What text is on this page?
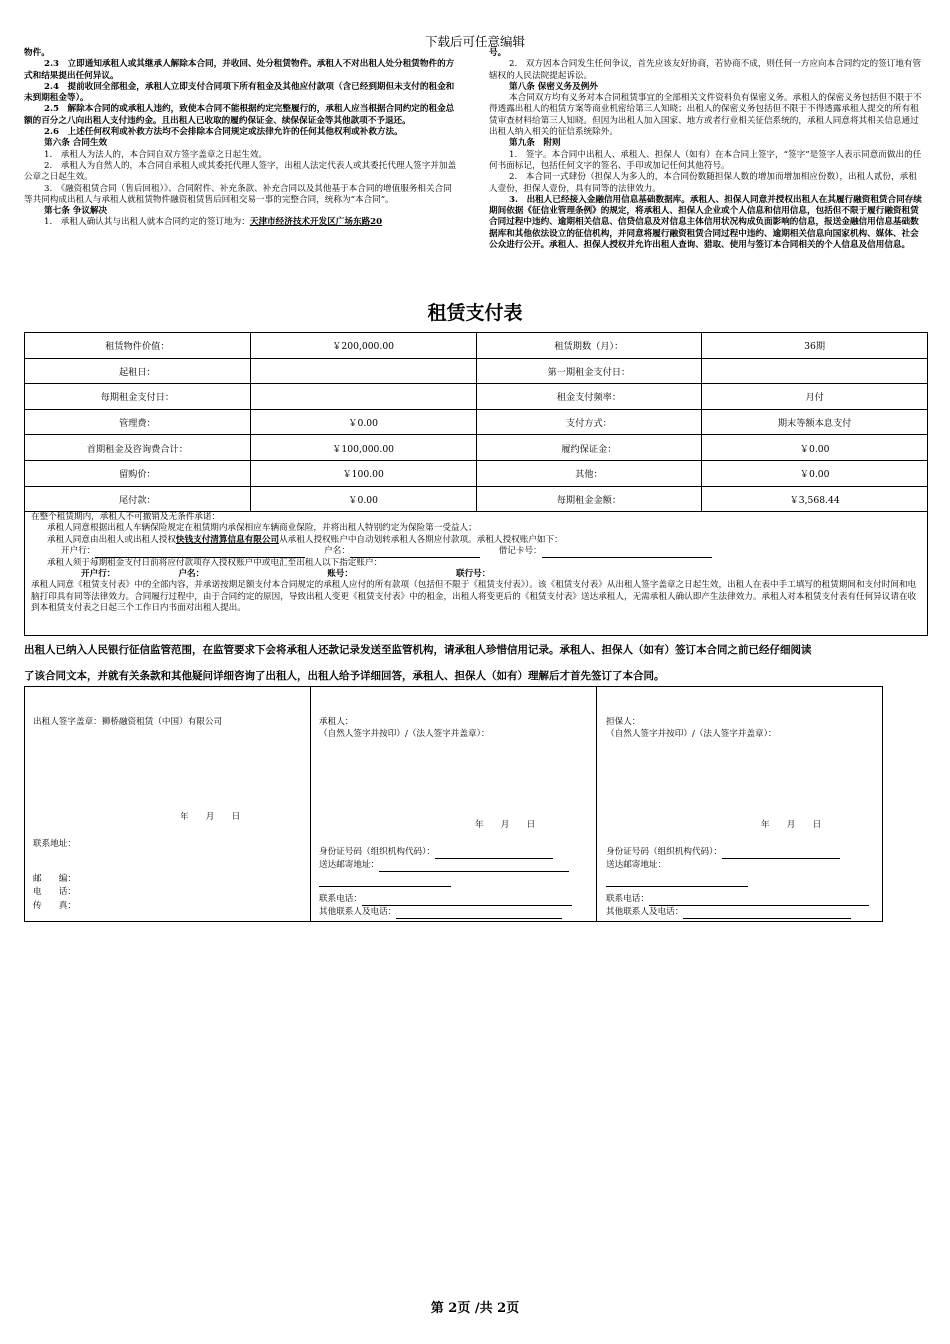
下载后可任意编辑

物件。

2.3　立即通知承租人或其继承人解除本合同，并收回、处分租赁物件。承租人不对出租人处分租赁物件的方式和结果提出任何异议。

2.4　提前收回全部租金，承租人立即支付合同项下所有租金及其他应付款项（含已经到期但未支付的租金和未到期租金等）。

2.5　解除本合同的或承租人违约，致使本合同不能根据约定完整履行的，承租人应当根据合同约定的租金总额的百分之八向出租人支付违约金。且出租人已收取的履约保证金、续保保证金等其他款项不予退还。

2.6　上述任何权利或补救方法均不会排除本合同规定或法律允许的任何其他权利或补救方法。

第六条 合同生效

1.　承租人为法人的，本合同自双方签字盖章之日起生效。

2.　承租人为自然人的，本合同自承租人或其委托代理人签字，出租人法定代表人或其委托代理人签字并加盖公章之日起生效。

3.　《融资租赁合同（售后回租）》、合同附件、补充条款、补充合同以及其他基于本合同的增值服务相关合同等共同构成出租人与承租人就租赁物件融资租赁售后回租交易一事的完整合同，统称为“本合同”。

第七条 争议解决

1.　承租人确认其与出租人就本合同约定的签订地为：天津市经济技术开发区广场东路20

号。

2.　双方因本合同发生任何争议，首先应该友好协商，若协商不成，则任何一方应向本合同约定的签订地有管辖权的人民法院提起诉讼。

第八条 保密义务及例外

本合同双方均有义务对本合同租赁事宜的全部相关文件资料负有保密义务。承租人的保密义务包括但不限于不得透露出租人的租赁方案等商业机密给第三人知晓；出租人的保密义务包括但不限于不得透露承租人提交的所有租赁审查材料给第三人知晓。但因为出租人加入国家、地方或者行业相关征信系统的，承租人同意将其相关信息通过出租人纳入相关的征信系统除外。

第九条　附则

1.　签字。本合同中出租人、承租人、担保人（如有）在本合同上签字，“签字”是签字人表示同意而做出的任何书面标记，包括任何文字的签名、手印或加记任何其他符号。

2.　本合同一式肆份（担保人为多人的，本合同份数随担保人数的增加而增加相应份数），出租人贰份，承租人壹份，担保人壹份，具有同等的法律效力。

3.　出租人已经接入金融信用信息基础数据库。承租人、担保人同意并授权出租人在其履行融资租赁合同存续期间依据《征信业管理条例》的规定，将承租人、担保人企业或个人信息和信用信息，包括但不限于履行融资租赁合同过程中违约、逾期相关信息、信贷信息及对信息主体信用状况构成负面影响的信息，报送金融信用信息基础数据库和其他依法设立的征信机构，并同意将履行融资租赁合同过程中违约、逾期相关信息向国家机构、媒体、社会公众进行公开。承租人、担保人授权并允许出租人查询、猎取、使用与签订本合同相关的个人信息及信用信息。

租赁支付表
租赁物件价值：	￥200,000.00	租赁期数（月）：	36期
起租日：		第一期租金支付日：	
每期租金支付日：		租金支付频率：	月付
管理费：	￥0.00	支付方式：	期末等额本息支付
首期租金及咨询费合计：	￥100,000.00	履约保证金：	￥0.00
留购价：	￥100.00	其他：	￥0.00
尾付款：	￥0.00	每期租金金额：	￥3,568.44

在整个租赁期内，承租人不可撤销及无条件承诺：

承租人同意根据出租人车辆保险规定在租赁期内承保相应车辆商业保险，并将出租人特别约定为保险第一受益人；

承租人同意由出租人或出租人授权快钱支付清算信息有限公司从承租人授权账户中自动划转承租人各期应付款项。承租人授权账户如下：

开户行：	户名：	借记卡号：

承租人须于每期租金支付日前将应付款项存入授权账户中或电汇至出租人以下指定账户：

开户行：	户名：	账号：	联行号：

承租人同意《租赁支付表》中的全部内容，并承诺按期足额支付本合同规定的承租人应付的所有款项（包括但不限于《租赁支付表》）。该《租赁支付表》从出租人签字盖章之日起生效，出租人在表中手工填写的租赁期间和支付时间和电脑打印具有同等法律效力。合同履行过程中，由于合同约定的原因，导致出租人变更《租赁支付表》中的租金，出租人将变更后的《租赁支付表》送达承租人，无需承租人确认即产生法律效力。承租人对本租赁支付表有任何异议请在收到本租赁支付表之日起三个工作日内书面对出租人提出。

出租人已纳入人民银行征信监管范围，在监管要求下会将承租人还款记录发送至监管机构，请承租人珍惜信用记录。承租人、担保人（如有）签订本合同之前已经仔细阅读
了该合同文本，并就有关条款和其他疑问详细咨询了出租人，出租人给予详细回答，承租人、担保人（如有）理解后才首先签订了本合同。

出租人签字盖章：狮桥融资租赁（中国）有限公司

年　　月　　日

联系地址：

邮　　编：

电　　话：

传　　真：

承租人：

（自然人签字并按印）/（法人签字并盖章）：

年　　月　　日

身份证号码（组织机构代码）：

送达邮寄地址：

联系电话：

其他联系人及电话：

担保人：

（自然人签字并按印）/（法人签字并盖章）：

年　　月　　日

身份证号码（组织机构代码）：

送达邮寄地址：

联系电话：

其他联系人及电话：

第 2页 /共 2页
